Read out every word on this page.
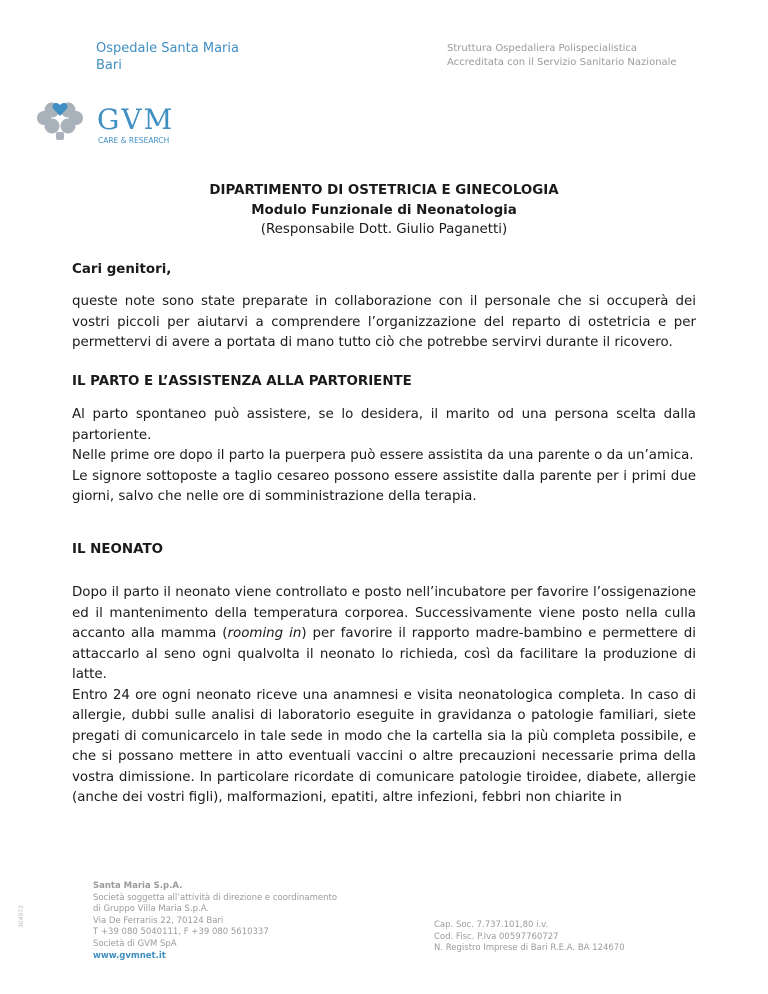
Ospedale Santa Maria
Bari
Struttura Ospedaliera Polispecialistica
Accreditata con il Servizio Sanitario Nazionale
GVM
CARE & RESEARCH
DIPARTIMENTO DI OSTETRICIA E GINECOLOGIA
Modulo Funzionale di Neonatologia
(Responsabile Dott. Giulio Paganetti)

Cari genitori,

queste note sono state preparate in collaborazione con il personale che si occuperà dei vostri piccoli per aiutarvi a comprendere l’organizzazione del reparto di ostetricia e per permettervi di avere a portata di mano tutto ciò che potrebbe servirvi durante il ricovero.

IL PARTO E L’ASSISTENZA ALLA PARTORIENTE

Al parto spontaneo può assistere, se lo desidera, il marito od una persona scelta dalla partoriente.
Nelle prime ore dopo il parto la puerpera può essere assistita da una parente o da un’amica.
Le signore sottoposte a taglio cesareo possono essere assistite dalla parente per i primi due giorni, salvo che nelle ore di somministrazione della terapia.

IL NEONATO

Dopo il parto il neonato viene controllato e posto nell’incubatore per favorire l’ossigenazione ed il mantenimento della temperatura corporea. Successivamente viene posto nella culla accanto alla mamma (rooming in) per favorire il rapporto madre-bambino e permettere di attaccarlo al seno ogni qualvolta il neonato lo richieda, così da facilitare la produzione di latte.
Entro 24 ore ogni neonato riceve una anamnesi e visita neonatologica completa. In caso di allergie, dubbi sulle analisi di laboratorio eseguite in gravidanza o patologie familiari, siete pregati di comunicarcelo in tale sede in modo che la cartella sia la più completa possibile, e che si possano mettere in atto eventuali vaccini o altre precauzioni necessarie prima della vostra dimissione. In particolare ricordate di comunicare patologie tiroidee, diabete, allergie (anche dei vostri figli), malformazioni, epatiti, altre infezioni, febbri non chiarite in
304972
Santa Maria S.p.A.
Società soggetta all’attività di direzione e coordinamento
di Gruppo Villa Maria S.p.A.
Via De Ferrariis 22, 70124 Bari
T +39 080 5040111, F +39 080 5610337
Società di GVM SpA
www.gvmnet.it
Cap. Soc. 7.737.101,80 i.v.
Cod. Fisc. P.Iva 00597760727
N. Registro Imprese di Bari R.E.A. BA 124670
